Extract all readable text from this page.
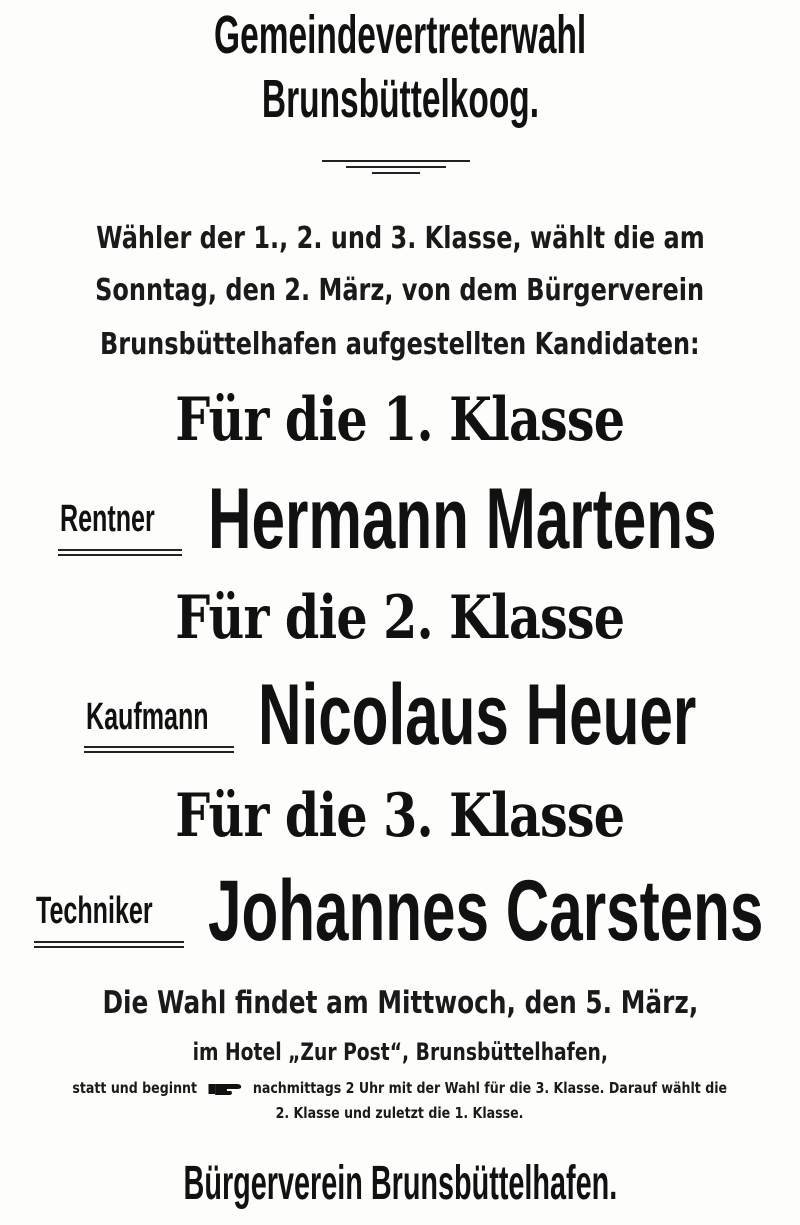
Gemeindevertreterwahl
Brunsbüttelkoog.
Wähler der 1., 2. und 3. Klasse, wählt die am
Sonntag, den 2. März, von dem Bürgerverein
Brunsbüttelhafen aufgestellten Kandidaten:
Für die 1. Klasse
Rentner Hermann Martens
Für die 2. Klasse
Kaufmann Nicolaus Heuer
Für die 3. Klasse
Techniker Johannes Carstens
Die Wahl findet am Mittwoch, den 5. März,
im Hotel „Zur Post“, Brunsbüttelhafen,
statt und beginnt	nachmittags 2 Uhr mit der Wahl für die 3. Klasse. Darauf wählt die
2. Klasse und zuletzt die 1. Klasse.
Bürgerverein Brunsbüttelhafen.
